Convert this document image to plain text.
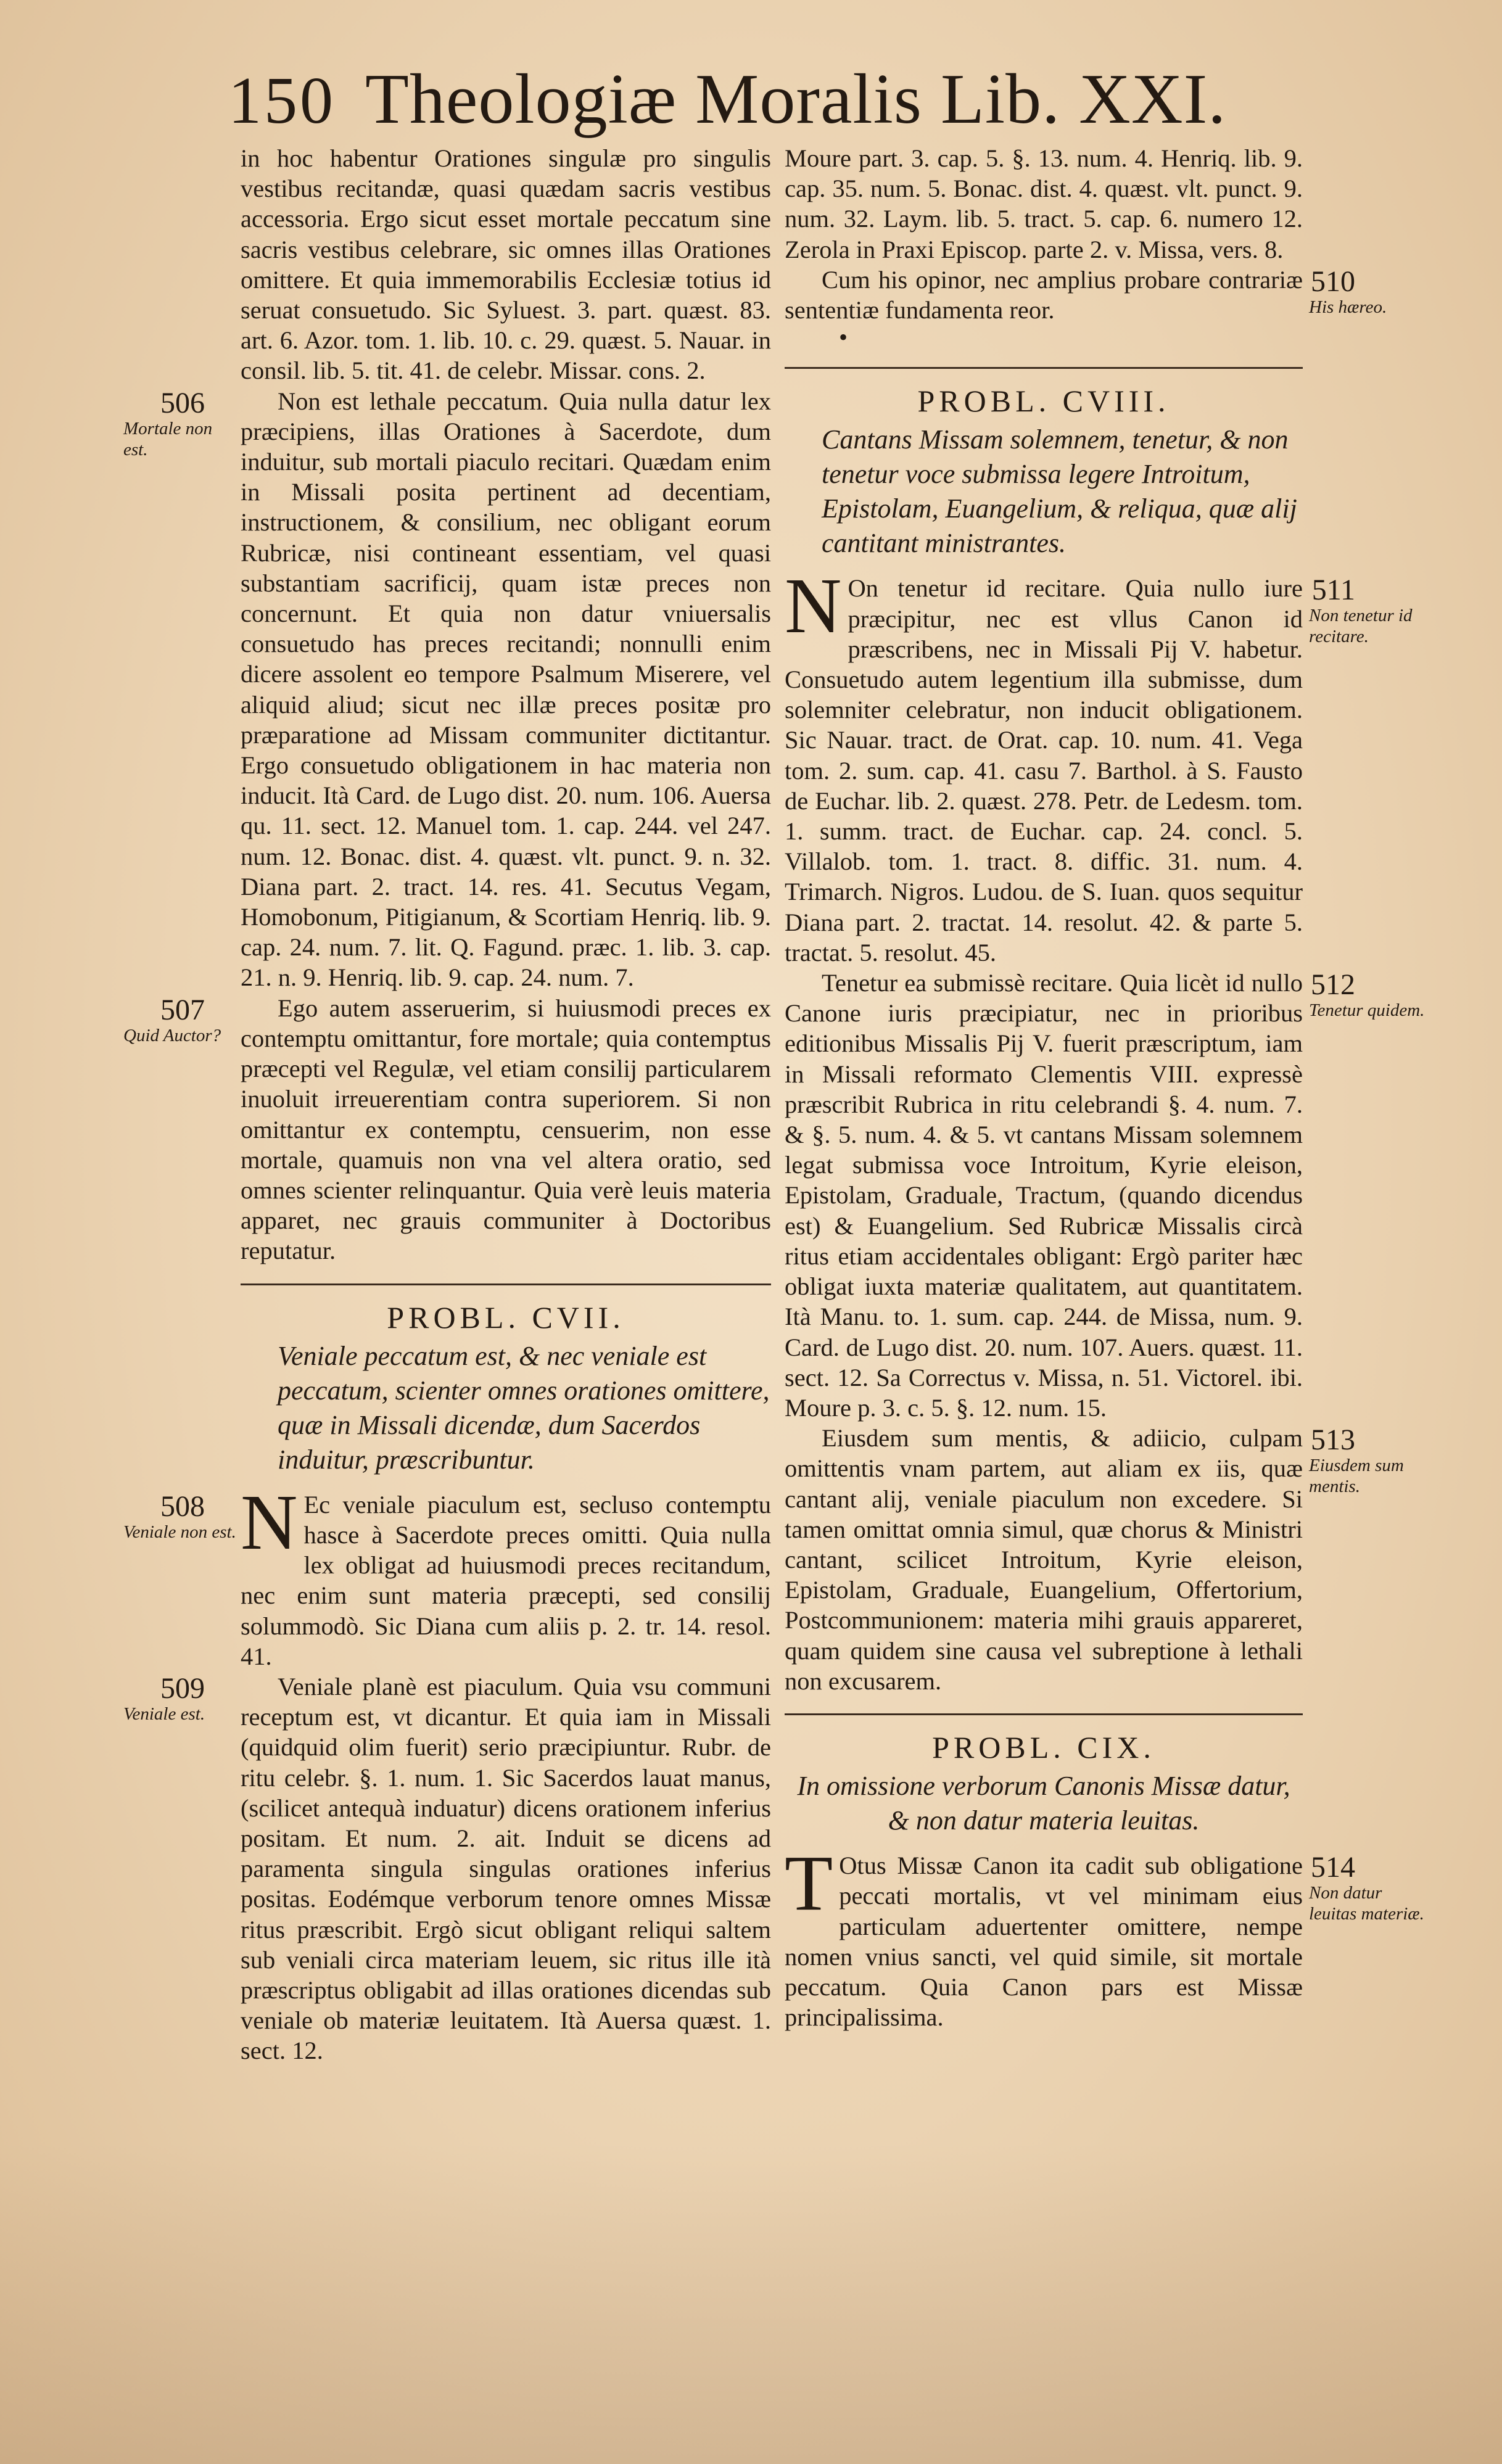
150 Theologiæ Moralis Lib. XXI.

in hoc habentur Orationes singulæ pro singulis vestibus recitandæ, quasi quædam sacris vestibus accessoria. Ergo sicut esset mortale peccatum sine sacris vestibus celebrare, sic omnes illas Orationes omittere. Et quia immemorabilis Ecclesiæ totius id seruat consuetudo. Sic Syluest. 3. part. quæst. 83. art. 6. Azor. tom. 1. lib. 10. c. 29. quæst. 5. Nauar. in consil. lib. 5. tit. 41. de celebr. Missar. cons. 2.

506
Mortale non est.

Non est lethale peccatum. Quia nulla datur lex præcipiens, illas Orationes à Sacerdote, dum induitur, sub mortali piaculo recitari. Quædam enim in Missali posita pertinent ad decentiam, instructionem, & consilium, nec obligant eorum Rubricæ, nisi contineant essentiam, vel quasi substantiam sacrificij, quam istæ preces non concernunt. Et quia non datur vniuersalis consuetudo has preces recitandi; nonnulli enim dicere assolent eo tempore Psalmum Miserere, vel aliquid aliud; sicut nec illæ preces positæ pro præparatione ad Missam communiter dictitantur. Ergo consuetudo obligationem in hac materia non inducit. Ità Card. de Lugo dist. 20. num. 106. Auersa qu. 11. sect. 12. Manuel tom. 1. cap. 244. vel 247. num. 12. Bonac. dist. 4. quæst. vlt. punct. 9. n. 32. Diana part. 2. tract. 14. res. 41. Secutus Vegam, Homobonum, Pitigianum, & Scortiam Henriq. lib. 9. cap. 24. num. 7. lit. Q. Fagund. præc. 1. lib. 3. cap. 21. n. 9. Henriq. lib. 9. cap. 24. num. 7.

507
Quid Auctor?

Ego autem asseruerim, si huiusmodi preces ex contemptu omittantur, fore mortale; quia contemptus præcepti vel Regulæ, vel etiam consilij particularem inuoluit irreuerentiam contra superiorem. Si non omittantur ex contemptu, censuerim, non esse mortale, quamuis non vna vel altera oratio, sed omnes scienter relinquantur. Quia verè leuis materia apparet, nec grauis communiter à Doctoribus reputatur.

PROBL. CVII.
Veniale peccatum est, & nec veniale est peccatum, scienter omnes orationes omittere, quæ in Missali dicendæ, dum Sacerdos induitur, præscribuntur.
508
Veniale non est. N Ec veniale piaculum est, secluso contemptu hasce à Sacerdote preces omitti. Quia nulla lex obligat ad huiusmodi preces recitandum, nec enim sunt materia præcepti, sed consilij solummodò. Sic Diana cum aliis p. 2. tr. 14. resol. 41.

509
Veniale est.

Veniale planè est piaculum. Quia vsu communi receptum est, vt dicantur. Et quia iam in Missali (quidquid olim fuerit) serio præcipiuntur. Rubr. de ritu celebr. §. 1. num. 1. Sic Sacerdos lauat manus, (scilicet antequà induatur) dicens orationem inferius positam. Et num. 2. ait. Induit se dicens ad paramenta singula singulas orationes inferius positas. Eodémque verborum tenore omnes Missæ ritus præscribit. Ergò sicut obligant reliqui saltem sub veniali circa materiam leuem, sic ritus ille ità præscriptus obligabit ad illas orationes dicendas sub veniale ob materiæ leuitatem. Ità Auersa quæst. 1. sect. 12.

Moure part. 3. cap. 5. §. 13. num. 4. Henriq. lib. 9. cap. 35. num. 5. Bonac. dist. 4. quæst. vlt. punct. 9. num. 32. Laym. lib. 5. tract. 5. cap. 6. numero 12. Zerola in Praxi Episcop. parte 2. v. Missa, vers. 8.

510
His hæreo.

Cum his opinor, nec amplius probare contrariæ sententiæ fundamenta reor.

•
PROBL. CVIII.
Cantans Missam solemnem, tenetur, & non tenetur voce submissa legere Introitum, Epistolam, Euangelium, & reliqua, quæ alij cantitant ministrantes.
511
Non tenetur id recitare.
N On tenetur id recitare. Quia nullo iure præcipitur, nec est vllus Canon id præscribens, nec in Missali Pij V. habetur. Consuetudo autem legentium illa submisse, dum solemniter celebratur, non inducit obligationem. Sic Nauar. tract. de Orat. cap. 10. num. 41. Vega tom. 2. sum. cap. 41. casu 7. Barthol. à S. Fausto de Euchar. lib. 2. quæst. 278. Petr. de Ledesm. tom. 1. summ. tract. de Euchar. cap. 24. concl. 5. Villalob. tom. 1. tract. 8. diffic. 31. num. 4. Trimarch. Nigros. Ludou. de S. Iuan. quos sequitur Diana part. 2. tractat. 14. resolut. 42. & parte 5. tractat. 5. resolut. 45.

512
Tenetur quidem.

Tenetur ea submissè recitare. Quia licèt id nullo Canone iuris præcipiatur, nec in prioribus editionibus Missalis Pij V. fuerit præscriptum, iam in Missali reformato Clementis VIII. expressè præscribit Rubrica in ritu celebrandi §. 4. num. 7. & §. 5. num. 4. & 5. vt cantans Missam solemnem legat submissa voce Introitum, Kyrie eleison, Epistolam, Graduale, Tractum, (quando dicendus est) & Euangelium. Sed Rubricæ Missalis circà ritus etiam accidentales obligant: Ergò pariter hæc obligat iuxta materiæ qualitatem, aut quantitatem. Ità Manu. to. 1. sum. cap. 244. de Missa, num. 9. Card. de Lugo dist. 20. num. 107. Auers. quæst. 11. sect. 12. Sa Correctus v. Missa, n. 51. Victorel. ibi. Moure p. 3. c. 5. §. 12. num. 15.

513
Eiusdem sum mentis.

Eiusdem sum mentis, & adiicio, culpam omittentis vnam partem, aut aliam ex iis, quæ cantant alij, veniale piaculum non excedere. Si tamen omittat omnia simul, quæ chorus & Ministri cantant, scilicet Introitum, Kyrie eleison, Epistolam, Graduale, Euangelium, Offertorium, Postcommunionem: materia mihi grauis appareret, quam quidem sine causa vel subreptione à lethali non excusarem.

PROBL. CIX.
In omissione verborum Canonis Missæ datur, & non datur materia leuitas.
514
Non datur leuitas materiæ.
T Otus Missæ Canon ita cadit sub obligatione peccati mortalis, vt vel minimam eius particulam aduertenter omittere, nempe nomen vnius sancti, vel quid simile, sit mortale peccatum. Quia Canon pars est Missæ principalissima.
